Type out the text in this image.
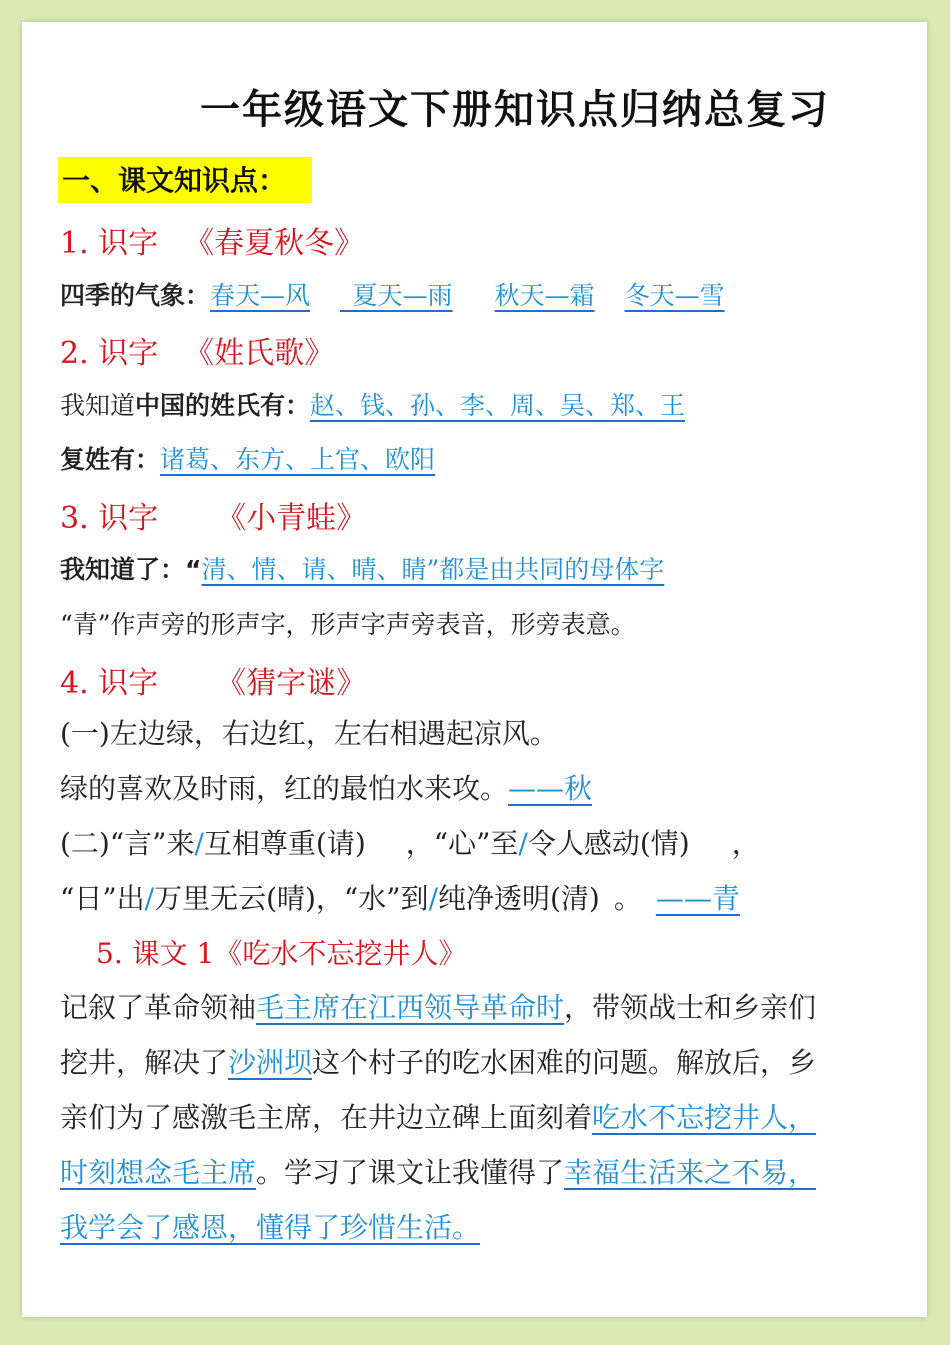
一年级语文下册知识点归纳总复习
一、课文知识点：
1. 识字 《春夏秋冬》
四季的气象：春天—风  夏天—雨 秋天—霜 冬天—雪
2. 识字 《姓氏歌》
我知道中国的姓氏有：赵、钱、孙、李、周、吴、郑、王
复姓有：诸葛、东方、上官、欧阳
3. 识字 《小青蛙》
我知道了：“清、情、请、晴、睛”都是由共同的母体字
“青”作声旁的形声字，形声字声旁表音，形旁表意。
4. 识字 《猜字谜》
(一)左边绿，右边红，左右相遇起凉风。
绿的喜欢及时雨，红的最怕水来攻。——秋
(二)“言”来/互相尊重(请) ，“心”至/令人感动(情) ，
“日”出/万里无云(晴)，“水”到/纯净透明(清) 。 ——青
5. 课文 1《吃水不忘挖井人》
记叙了革命领袖毛主席在江西领导革命时，带领战士和乡亲们
挖井，解决了沙洲坝这个村子的吃水困难的问题。解放后，乡
亲们为了感激毛主席，在井边立碑上面刻着吃水不忘挖井人，
时刻想念毛主席。学习了课文让我懂得了幸福生活来之不易，
我学会了感恩，懂得了珍惜生活。
